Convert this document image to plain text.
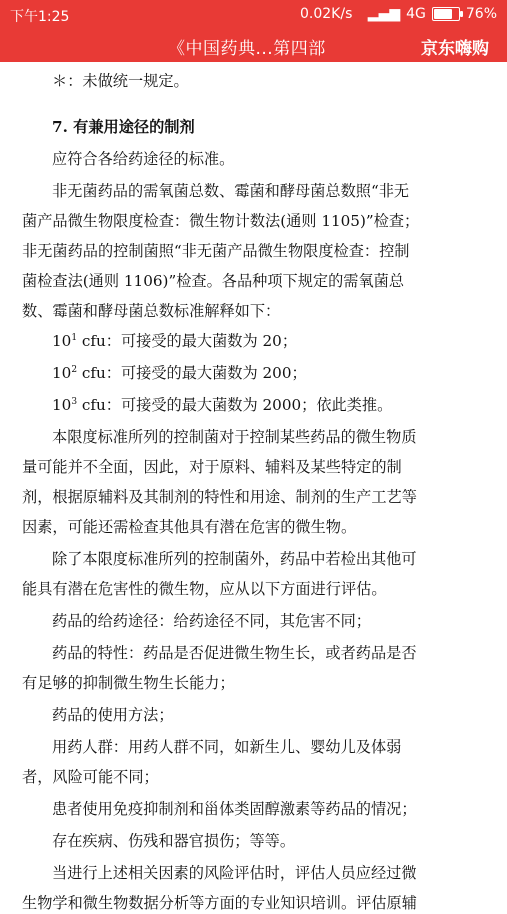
下午1:25	0.02K/s ▂▄▆ 4G	76%
《中国药典...第四部	京东嗨购
＊：未做统一规定。
7. 有兼用途径的制剂
应符合各给药途径的标准。
非无菌药品的需氧菌总数、霉菌和酵母菌总数照“非无
菌产品微生物限度检查：微生物计数法(通则 1105)”检查；
非无菌药品的控制菌照“非无菌产品微生物限度检查：控制
菌检查法(通则 1106)”检查。各品种项下规定的需氧菌总
数、霉菌和酵母菌总数标准解释如下：
$10^1$ cfu：可接受的最大菌数为 20；
$10^2$ cfu：可接受的最大菌数为 200；
$10^3$ cfu：可接受的最大菌数为 2000；依此类推。
本限度标准所列的控制菌对于控制某些药品的微生物质
量可能并不全面，因此，对于原料、辅料及某些特定的制
剂，根据原辅料及其制剂的特性和用途、制剂的生产工艺等
因素，可能还需检查其他具有潜在危害的微生物。
除了本限度标准所列的控制菌外，药品中若检出其他可
能具有潜在危害性的微生物，应从以下方面进行评估。
药品的给药途径：给药途径不同，其危害不同；
药品的特性：药品是否促进微生物生长，或者药品是否
有足够的抑制微生物生长能力；
药品的使用方法；
用药人群：用药人群不同，如新生儿、婴幼儿及体弱
者，风险可能不同；
患者使用免疫抑制剂和甾体类固醇激素等药品的情况；
存在疾病、伤残和器官损伤；等等。
当进行上述相关因素的风险评估时，评估人员应经过微
生物学和微生物数据分析等方面的专业知识培训。评估原辅
